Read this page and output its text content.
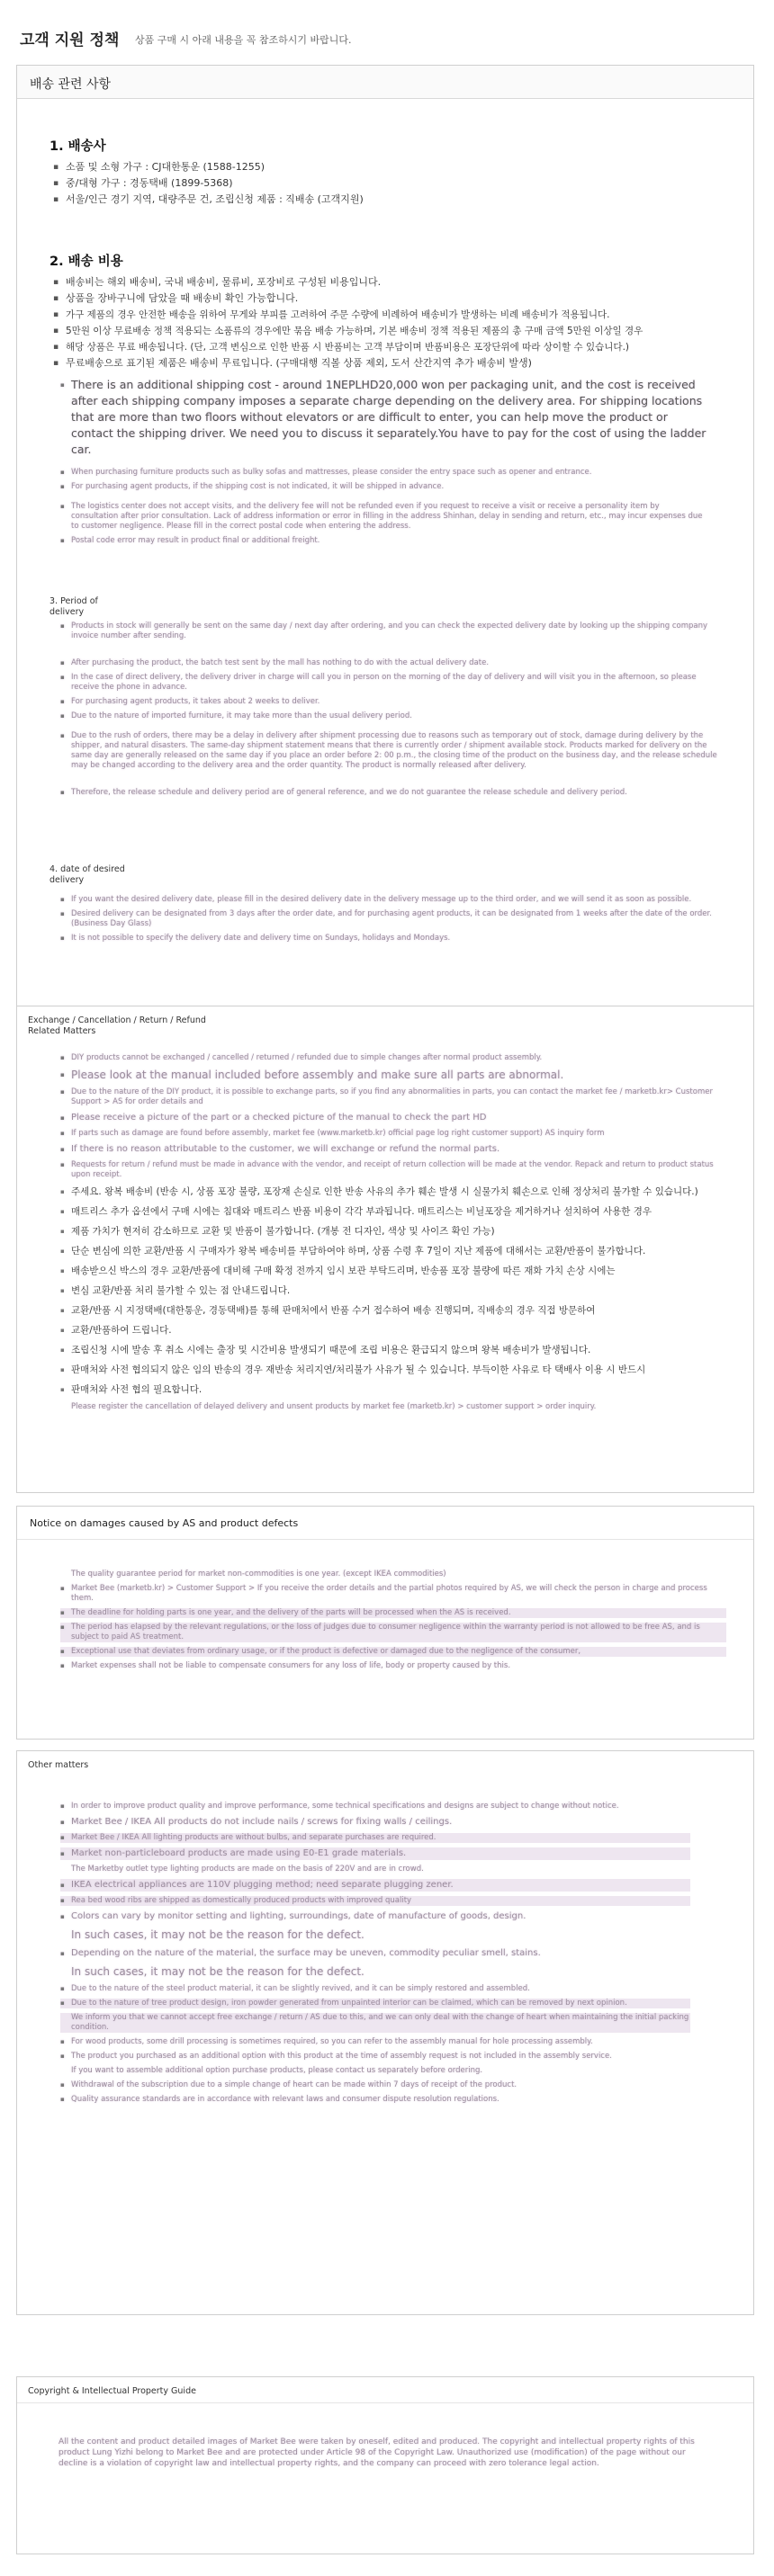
고객 지원 정책 상품 구매 시 아래 내용을 꼭 참조하시기 바랍니다.
배송 관련 사항
1. 배송사
▪ 소품 및 소형 가구 : CJ대한통운 (1588-1255)
▪ 중/대형 가구 : 경동택배 (1899-5368)
▪ 서울/인근 경기 지역, 대량주문 건, 조립신청 제품 : 직배송 (고객지원)
2. 배송 비용
▪ 배송비는 해외 배송비, 국내 배송비, 물류비, 포장비로 구성된 비용입니다.
▪ 상품을 장바구니에 담았을 때 배송비 확인 가능합니다.
▪ 가구 제품의 경우 안전한 배송을 위하여 무게와 부피를 고려하여 주문 수량에 비례하여 배송비가 발생하는 비례 배송비가 적용됩니다.
▪ 5만원 이상 무료배송 정책 적용되는 소품류의 경우에만 묶음 배송 가능하며, 기본 배송비 정책 적용된 제품의 총 구매 금액 5만원 이상일 경우
▪ 해당 상품은 무료 배송됩니다. (단, 고객 변심으로 인한 반품 시 반품비는 고객 부담이며 반품비용은 포장단위에 따라 상이할 수 있습니다.)
▪ 무료배송으로 표기된 제품은 배송비 무료입니다. (구매대행 직볼 상품 제외, 도서 산간지역 추가 배송비 발생)

▪ There is an additional shipping cost - around 1NEPLHD20,000 won per packaging unit, and the cost is received after each shipping company imposes a separate charge depending on the delivery area. For shipping locations that are more than two floors without elevators or are difficult to enter, you can help move the product or contact the shipping driver. We need you to discuss it separately.You have to pay for the cost of using the ladder car.

▪ When purchasing furniture products such as bulky sofas and mattresses, please consider the entry space such as opener and entrance.

▪ For purchasing agent products, if the shipping cost is not indicated, it will be shipped in advance.

▪ The logistics center does not accept visits, and the delivery fee will not be refunded even if you request to receive a visit or receive a personality item by consultation after prior consultation. Lack of address information or error in filling in the address Shinhan, delay in sending and return, etc., may incur expenses due to customer negligence. Please fill in the correct postal code when entering the address.

▪ Postal code error may result in product final or additional freight.

3. Period of delivery

▪ Products in stock will generally be sent on the same day / next day after ordering, and you can check the expected delivery date by looking up the shipping company invoice number after sending.

▪ After purchasing the product, the batch test sent by the mall has nothing to do with the actual delivery date.

▪ In the case of direct delivery, the delivery driver in charge will call you in person on the morning of the day of delivery and will visit you in the afternoon, so please receive the phone in advance.

▪ For purchasing agent products, it takes about 2 weeks to deliver.

▪ Due to the nature of imported furniture, it may take more than the usual delivery period.

▪ Due to the rush of orders, there may be a delay in delivery after shipment processing due to reasons such as temporary out of stock, damage during delivery by the shipper, and natural disasters. The same-day shipment statement means that there is currently order / shipment available stock. Products marked for delivery on the same day are generally released on the same day if you place an order before 2: 00 p.m., the closing time of the product on the business day, and the release schedule may be changed according to the delivery area and the order quantity. The product is normally released after delivery.

▪ Therefore, the release schedule and delivery period are of general reference, and we do not guarantee the release schedule and delivery period.

4. date of desired delivery

▪ If you want the desired delivery date, please fill in the desired delivery date in the delivery message up to the third order, and we will send it as soon as possible.

▪ Desired delivery can be designated from 3 days after the order date, and for purchasing agent products, it can be designated from 1 weeks after the date of the order. (Business Day Glass)

▪ It is not possible to specify the delivery date and delivery time on Sundays, holidays and Mondays.

Exchange / Cancellation / Return / Refund Related Matters

▪ DIY products cannot be exchanged / cancelled / returned / refunded due to simple changes after normal product assembly.

▪ Please look at the manual included before assembly and make sure all parts are abnormal.

▪ Due to the nature of the DIY product, it is possible to exchange parts, so if you find any abnormalities in parts, you can contact the market fee / marketb.kr> Customer Support > AS for order details and

▪ Please receive a picture of the part or a checked picture of the manual to check the part HD

▪ If parts such as damage are found before assembly, market fee (www.marketb.kr) official page log right customer support) AS inquiry form

▪ If there is no reason attributable to the customer, we will exchange or refund the normal parts.

▪ Requests for return / refund must be made in advance with the vendor, and receipt of return collection will be made at the vendor. Repack and return to product status upon receipt.

▪ 주세요. 왕복 배송비 (반송 시, 상품 포장 불량, 포장재 손실로 인한 반송 사유의 추가 훼손 발생 시 실물가치 훼손으로 인해 정상처리 불가할 수 있습니다.)

▪ 매트리스 추가 옵션에서 구매 시에는 침대와 매트리스 반품 비용이 각각 부과됩니다. 매트리스는 비닐포장을 제거하거나 설치하여 사용한 경우

▪ 제품 가치가 현저히 감소하므로 교환 및 반품이 불가합니다. (개봉 전 디자인, 색상 및 사이즈 확인 가능)

▪ 단순 변심에 의한 교환/반품 시 구매자가 왕복 배송비를 부담하여야 하며, 상품 수령 후 7일이 지난 제품에 대해서는 교환/반품이 불가합니다.

▪ 배송받으신 박스의 경우 교환/반품에 대비해 구매 확정 전까지 임시 보관 부탁드리며, 반송품 포장 불량에 따른 재화 가치 손상 시에는

▪ 변심 교환/반품 처리 불가할 수 있는 점 안내드립니다.

▪ 교환/반품 시 지정택배(대한통운, 경동택배)를 통해 판매처에서 반품 수거 접수하여 배송 진행되며, 직배송의 경우 직접 방문하여

▪ 교환/반품하여 드립니다.

▪ 조립신청 시에 발송 후 취소 시에는 출장 및 시간비용 발생되기 때문에 조립 비용은 환급되지 않으며 왕복 배송비가 발생됩니다.

▪ 판매처와 사전 협의되지 않은 임의 반송의 경우 재반송 처리지연/처리불가 사유가 될 수 있습니다. 부득이한 사유로 타 택배사 이용 시 반드시

▪ 판매처와 사전 협의 필요합니다.

Please register the cancellation of delayed delivery and unsent products by market fee (marketb.kr) > customer support > order inquiry.

Notice on damages caused by AS and product defects

The quality guarantee period for market non-commodities is one year. (except IKEA commodities)

▪ Market Bee (marketb.kr) > Customer Support > If you receive the order details and the partial photos required by AS, we will check the person in charge and process them.

▪ The deadline for holding parts is one year, and the delivery of the parts will be processed when the AS is received.

▪ The period has elapsed by the relevant regulations, or the loss of judges due to consumer negligence within the warranty period is not allowed to be free AS, and is subject to paid AS treatment.

▪ Exceptional use that deviates from ordinary usage, or if the product is defective or damaged due to the negligence of the consumer,

▪ Market expenses shall not be liable to compensate consumers for any loss of life, body or property caused by this.

Other matters

▪ In order to improve product quality and improve performance, some technical specifications and designs are subject to change without notice.

▪ Market Bee / IKEA All products do not include nails / screws for fixing walls / ceilings.

▪ Market Bee / IKEA All lighting products are without bulbs, and separate purchases are required.

▪ Market non-particleboard products are made using E0-E1 grade materials.

The Marketby outlet type lighting products are made on the basis of 220V and are in crowd.

▪ IKEA electrical appliances are 110V plugging method; need separate plugging zener.

▪ Rea bed wood ribs are shipped as domestically produced products with improved quality

▪ Colors can vary by monitor setting and lighting, surroundings, date of manufacture of goods, design.

In such cases, it may not be the reason for the defect.

▪ Depending on the nature of the material, the surface may be uneven, commodity peculiar smell, stains.

In such cases, it may not be the reason for the defect.

▪ Due to the nature of the steel product material, it can be slightly revived, and it can be simply restored and assembled.

▪ Due to the nature of tree product design, iron powder generated from unpainted interior can be claimed, which can be removed by next opinion.

We inform you that we cannot accept free exchange / return / AS due to this, and we can only deal with the change of heart when maintaining the initial packing condition.

▪ For wood products, some drill processing is sometimes required, so you can refer to the assembly manual for hole processing assembly.

▪ The product you purchased as an additional option with this product at the time of assembly request is not included in the assembly service.

If you want to assemble additional option purchase products, please contact us separately before ordering.

▪ Withdrawal of the subscription due to a simple change of heart can be made within 7 days of receipt of the product.

▪ Quality assurance standards are in accordance with relevant laws and consumer dispute resolution regulations.

Copyright & Intellectual Property Guide

All the content and product detailed images of Market Bee were taken by oneself, edited and produced. The copyright and intellectual property rights of this product Lung Yizhi belong to Market Bee and are protected under Article 98 of the Copyright Law. Unauthorized use (modification) of the page without our decline is a violation of copyright law and intellectual property rights, and the company can proceed with zero tolerance legal action.
